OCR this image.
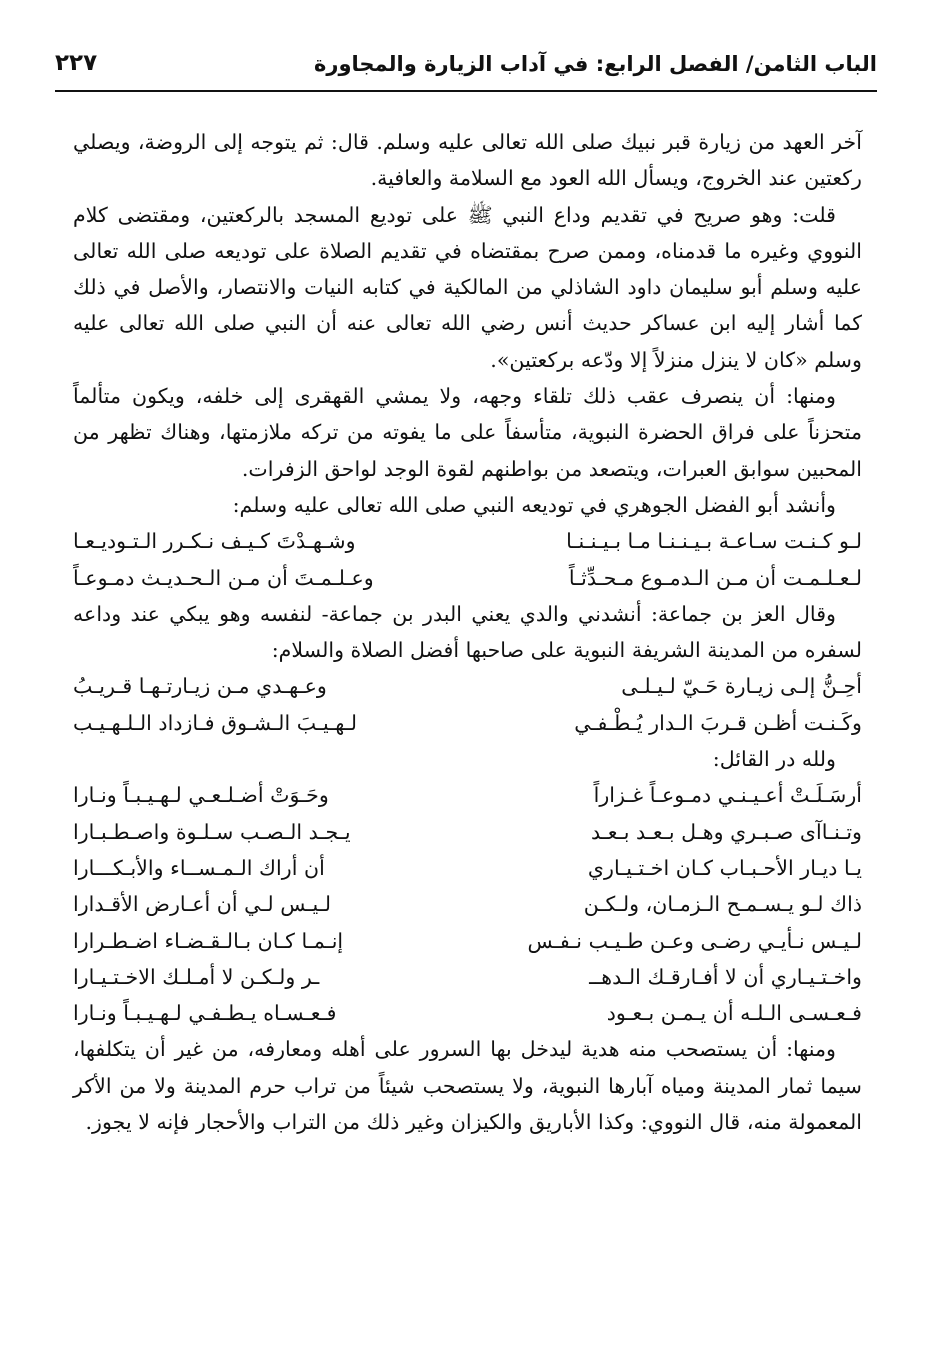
الباب الثامن/ الفصل الرابع: في آداب الزيارة والمجاورة
٢٢٧

آخر العهد من زيارة قبر نبيك صلى الله تعالى عليه وسلم. قال: ثم يتوجه إلى الروضة، ويصلي ركعتين عند الخروج، ويسأل الله العود مع السلامة والعافية.

قلت: وهو صريح في تقديم وداع النبي ﷺ على توديع المسجد بالركعتين، ومقتضى كلام النووي وغيره ما قدمناه، وممن صرح بمقتضاه في تقديم الصلاة على توديعه صلى الله تعالى عليه وسلم أبو سليمان داود الشاذلي من المالكية في كتابه النيات والانتصار، والأصل في ذلك كما أشار إليه ابن عساكر حديث أنس رضي الله تعالى عنه أن النبي صلى الله تعالى عليه وسلم «كان لا ينزل منزلاً إلا ودّعه بركعتين».

ومنها: أن ينصرف عقب ذلك تلقاء وجهه، ولا يمشي القهقرى إلى خلفه، ويكون متألماً متحزناً على فراق الحضرة النبوية، متأسفاً على ما يفوته من تركه ملازمتها، وهناك تظهر من المحبين سوابق العبرات، ويتصعد من بواطنهم لقوة الوجد لواحق الزفرات.

وأنشد أبو الفضل الجوهري في توديعه النبي صلى الله تعالى عليه وسلم:

لـو كـنـت سـاعـة بـيـنـنـا مـا بـيـنـنـا
وشـهـدْتَ كـيـف نـكـرر الـتـوديـعـا
لـعـلـمـت أن مـن الـدمـوع مـحـدِّثـاً
وعـلـمـتَ أن مـن الـحـديـث دمـوعـاً

وقال العز بن جماعة: أنشدني والدي يعني البدر بن جماعة- لنفسه وهو يبكي عند وداعه لسفره من المدينة الشريفة النبوية على صاحبها أفضل الصلاة والسلام:

أحِـنُّ إلـى زيـارة حَـيّ لـيـلـى
وعـهـدي مـن زيـارتـهـا قـريـبُ
وكَـنـت أظـن قـربَ الـدار يُـطْـفـي
لـهـيـبَ الـشـوق فـازداد الـلـهـيـب

ولله در القائل:

أرسَـلَـتْ أعـيـنـي دمـوعـاً غـزاراً
وحَـوَتْ أضـلـعـي لـهـيـبـاً ونـارا
وتـنـاآى صـبـري وهـل بـعـد بـعـد
يـجـد الـصـب سـلـوة واصـطـبـارا
يـا ديـار الأحـبـاب كـان اخـتـيـاري
أن أراك الـمـســاء والأبـكـــارا
ذاك لـو يـسـمـح الـزمـان، ولـكـن
لـيـس لـي أن أعـارض الأقـدارا
لـيـس نـأيـي رضـى وعـن طـيـب نـفـس
إنـمـا كـان بـالـقـضـاء اضـطـرارا
واخـتـيـاري أن لا أفـارقـك الـدهــ
ـر ولـكـن لا أمـلـك الاخـتـيـارا
فـعـسـى الـلـه أن يـمـن بـعـود
فـعـسـاه يـطـفـي لـهـيـبـاً ونـارا

ومنها: أن يستصحب منه هدية ليدخل بها السرور على أهله ومعارفه، من غير أن يتكلفها، سيما ثمار المدينة ومياه آبارها النبوية، ولا يستصحب شيئاً من تراب حرم المدينة ولا من الأكر المعمولة منه، قال النووي: وكذا الأباريق والكيزان وغير ذلك من التراب والأحجار فإنه لا يجوز.
